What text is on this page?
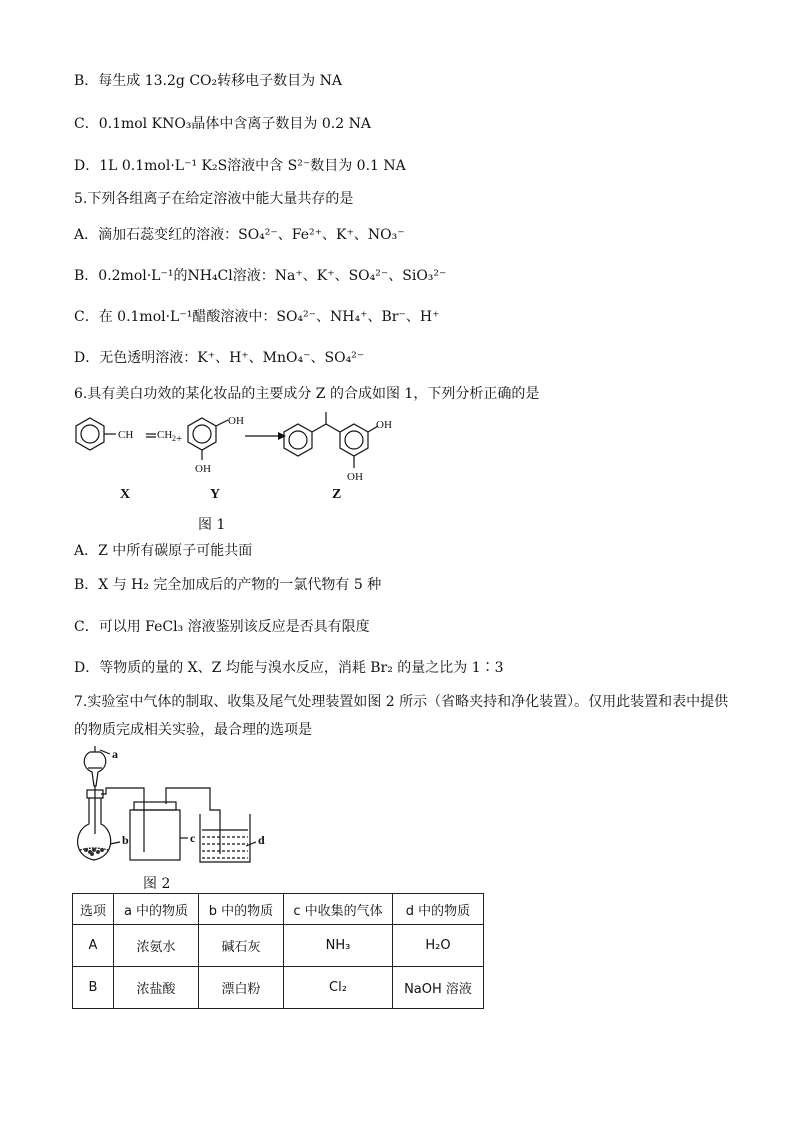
B．每生成 13.2g CO₂转移电子数目为 NA
C．0.1mol KNO₃晶体中含离子数目为 0.2 NA
D．1L 0.1mol·L⁻¹ K₂S溶液中含 S²⁻数目为 0.1 NA
5.下列各组离子在给定溶液中能大量共存的是
A．滴加石蕊变红的溶液：SO₄²⁻、Fe²⁺、K⁺、NO₃⁻
B．0.2mol·L⁻¹的NH₄Cl溶液：Na⁺、K⁺、SO₄²⁻、SiO₃²⁻
C．在 0.1mol·L⁻¹醋酸溶液中：SO₄²⁻、NH₄⁺、Br⁻、H⁺
D．无色透明溶液：K⁺、H⁺、MnO₄⁻、SO₄²⁻
6.具有美白功效的某化妆品的主要成分 Z 的合成如图 1，下列分析正确的是
CH CH 2 +
OH
OH
OH
OH
X	Y	Z
图 1
A．Z 中所有碳原子可能共面
B．X 与 H₂ 完全加成后的产物的一氯代物有 5 种
C．可以用 FeCl₃ 溶液鉴别该反应是否具有限度
D．等物质的量的 X、Z 均能与溴水反应，消耗 Br₂ 的量之比为 1∶3
7.实验室中气体的制取、收集及尾气处理装置如图 2 所示（省略夹持和净化装置）。仅用此装置和表中提供
的物质完成相关实验，最合理的选项是
a
b	c	d
图 2
选项	a 中的物质	b 中的物质	c 中收集的气体	d 中的物质
A	浓氨水	碱石灰	NH₃	H₂O
B	浓盐酸	漂白粉	Cl₂	NaOH 溶液
